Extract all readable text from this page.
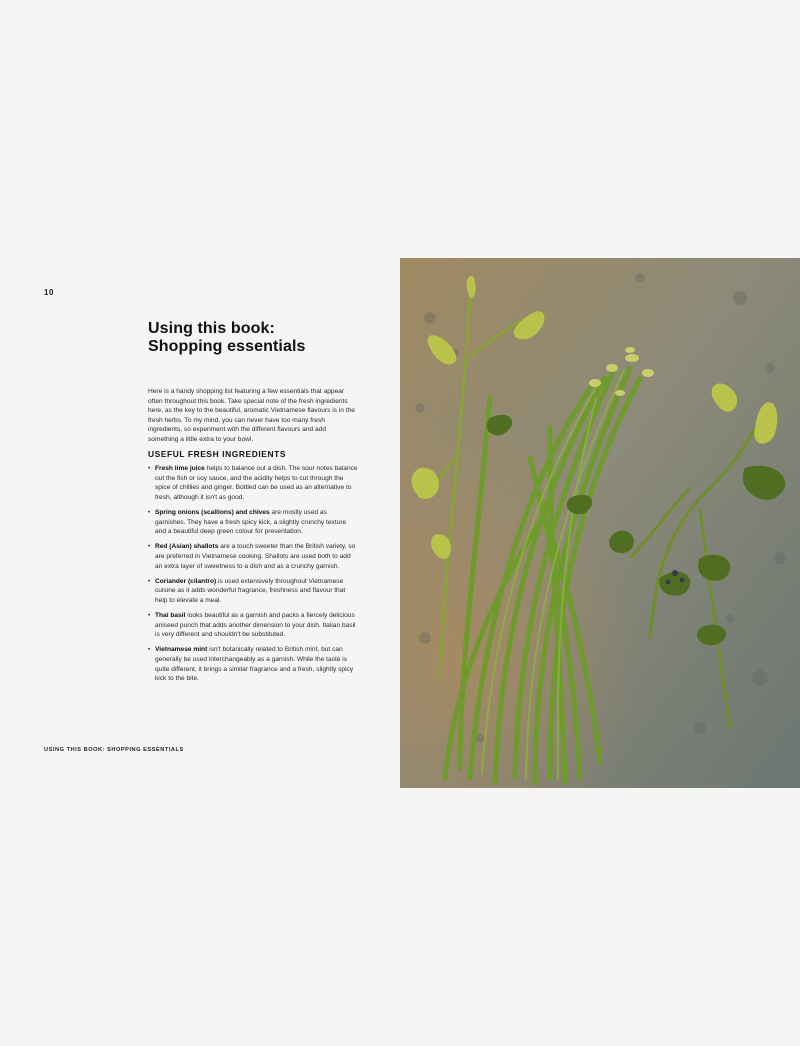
10
Using this book:
Shopping essentials

Here is a handy shopping list featuring a few essentials that appear often throughout this book. Take special note of the fresh ingredients here, as the key to the beautiful, aromatic Vietnamese flavours is in the fresh herbs. To my mind, you can never have too many fresh ingredients, so experiment with the different flavours and add something a little extra to your bowl.

USEFUL FRESH INGREDIENTS
• Fresh lime juice helps to balance out a dish. The sour notes balance out the fish or soy sauce, and the acidity helps to cut through the spice of chillies and ginger. Bottled can be used as an alternative to fresh, although it isn't as good.
• Spring onions (scallions) and chives are mostly used as garnishes. They have a fresh spicy kick, a slightly crunchy texture and a beautiful deep green colour for presentation.
• Red (Asian) shallots are a touch sweeter than the British variety, so are preferred in Vietnamese cooking. Shallots are used both to add an extra layer of sweetness to a dish and as a crunchy garnish.
• Coriander (cilantro) is used extensively throughout Vietnamese cuisine as it adds wonderful fragrance, freshness and flavour that help to elevate a meal.
• Thai basil looks beautiful as a garnish and packs a fiercely delicious aniseed punch that adds another dimension to your dish. Italian basil is very different and shouldn't be substituted.
• Vietnamese mint isn't botanically related to British mint, but can generally be used interchangeably as a garnish. While the taste is quite different, it brings a similar fragrance and a fresh, slightly spicy kick to the bite.
USING THIS BOOK: SHOPPING ESSENTIALS
